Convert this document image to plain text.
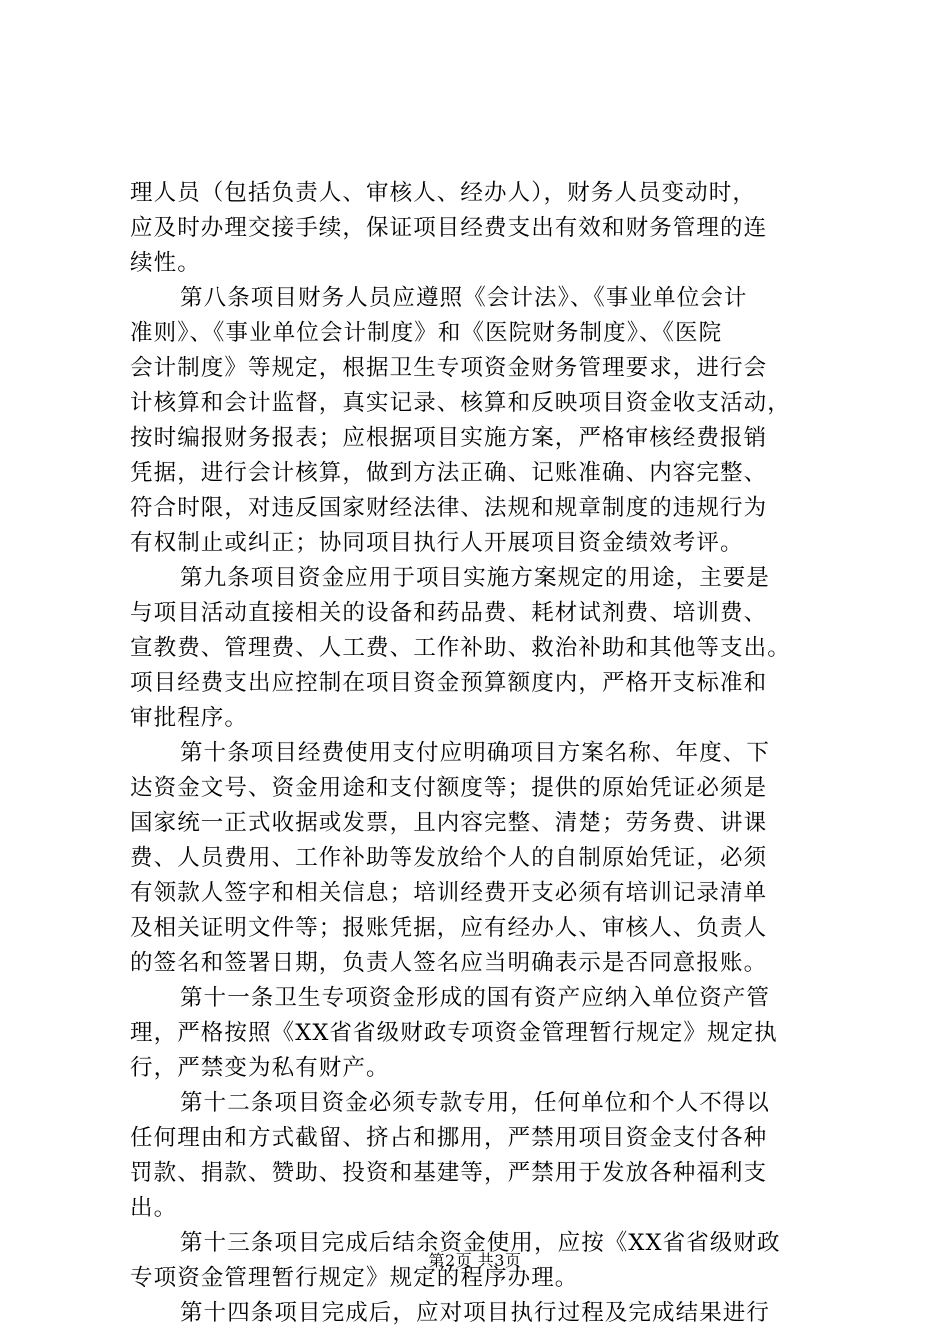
理人员（包括负责人、审核人、经办人），财务人员变动时，
应及时办理交接手续，保证项目经费支出有效和财务管理的连
续性。
第八条项目财务人员应遵照《会计法》、《事业单位会计
准则》、《事业单位会计制度》和《医院财务制度》、《医院
会计制度》等规定，根据卫生专项资金财务管理要求，进行会
计核算和会计监督，真实记录、核算和反映项目资金收支活动，
按时编报财务报表；应根据项目实施方案，严格审核经费报销
凭据，进行会计核算，做到方法正确、记账准确、内容完整、
符合时限，对违反国家财经法律、法规和规章制度的违规行为
有权制止或纠正；协同项目执行人开展项目资金绩效考评。
第九条项目资金应用于项目实施方案规定的用途，主要是
与项目活动直接相关的设备和药品费、耗材试剂费、培训费、
宣教费、管理费、人工费、工作补助、救治补助和其他等支出。
项目经费支出应控制在项目资金预算额度内，严格开支标准和
审批程序。
第十条项目经费使用支付应明确项目方案名称、年度、下
达资金文号、资金用途和支付额度等；提供的原始凭证必须是
国家统一正式收据或发票，且内容完整、清楚；劳务费、讲课
费、人员费用、工作补助等发放给个人的自制原始凭证，必须
有领款人签字和相关信息；培训经费开支必须有培训记录清单
及相关证明文件等；报账凭据，应有经办人、审核人、负责人
的签名和签署日期，负责人签名应当明确表示是否同意报账。
第十一条卫生专项资金形成的国有资产应纳入单位资产管
理，严格按照《XX省省级财政专项资金管理暂行规定》规定执
行，严禁变为私有财产。
第十二条项目资金必须专款专用，任何单位和个人不得以
任何理由和方式截留、挤占和挪用，严禁用项目资金支付各种
罚款、捐款、赞助、投资和基建等，严禁用于发放各种福利支
出。
第十三条项目完成后结余资金使用，应按《XX省省级财政
专项资金管理暂行规定》规定的程序办理。
第十四条项目完成后，应对项目执行过程及完成结果进行
第2页 共3页
